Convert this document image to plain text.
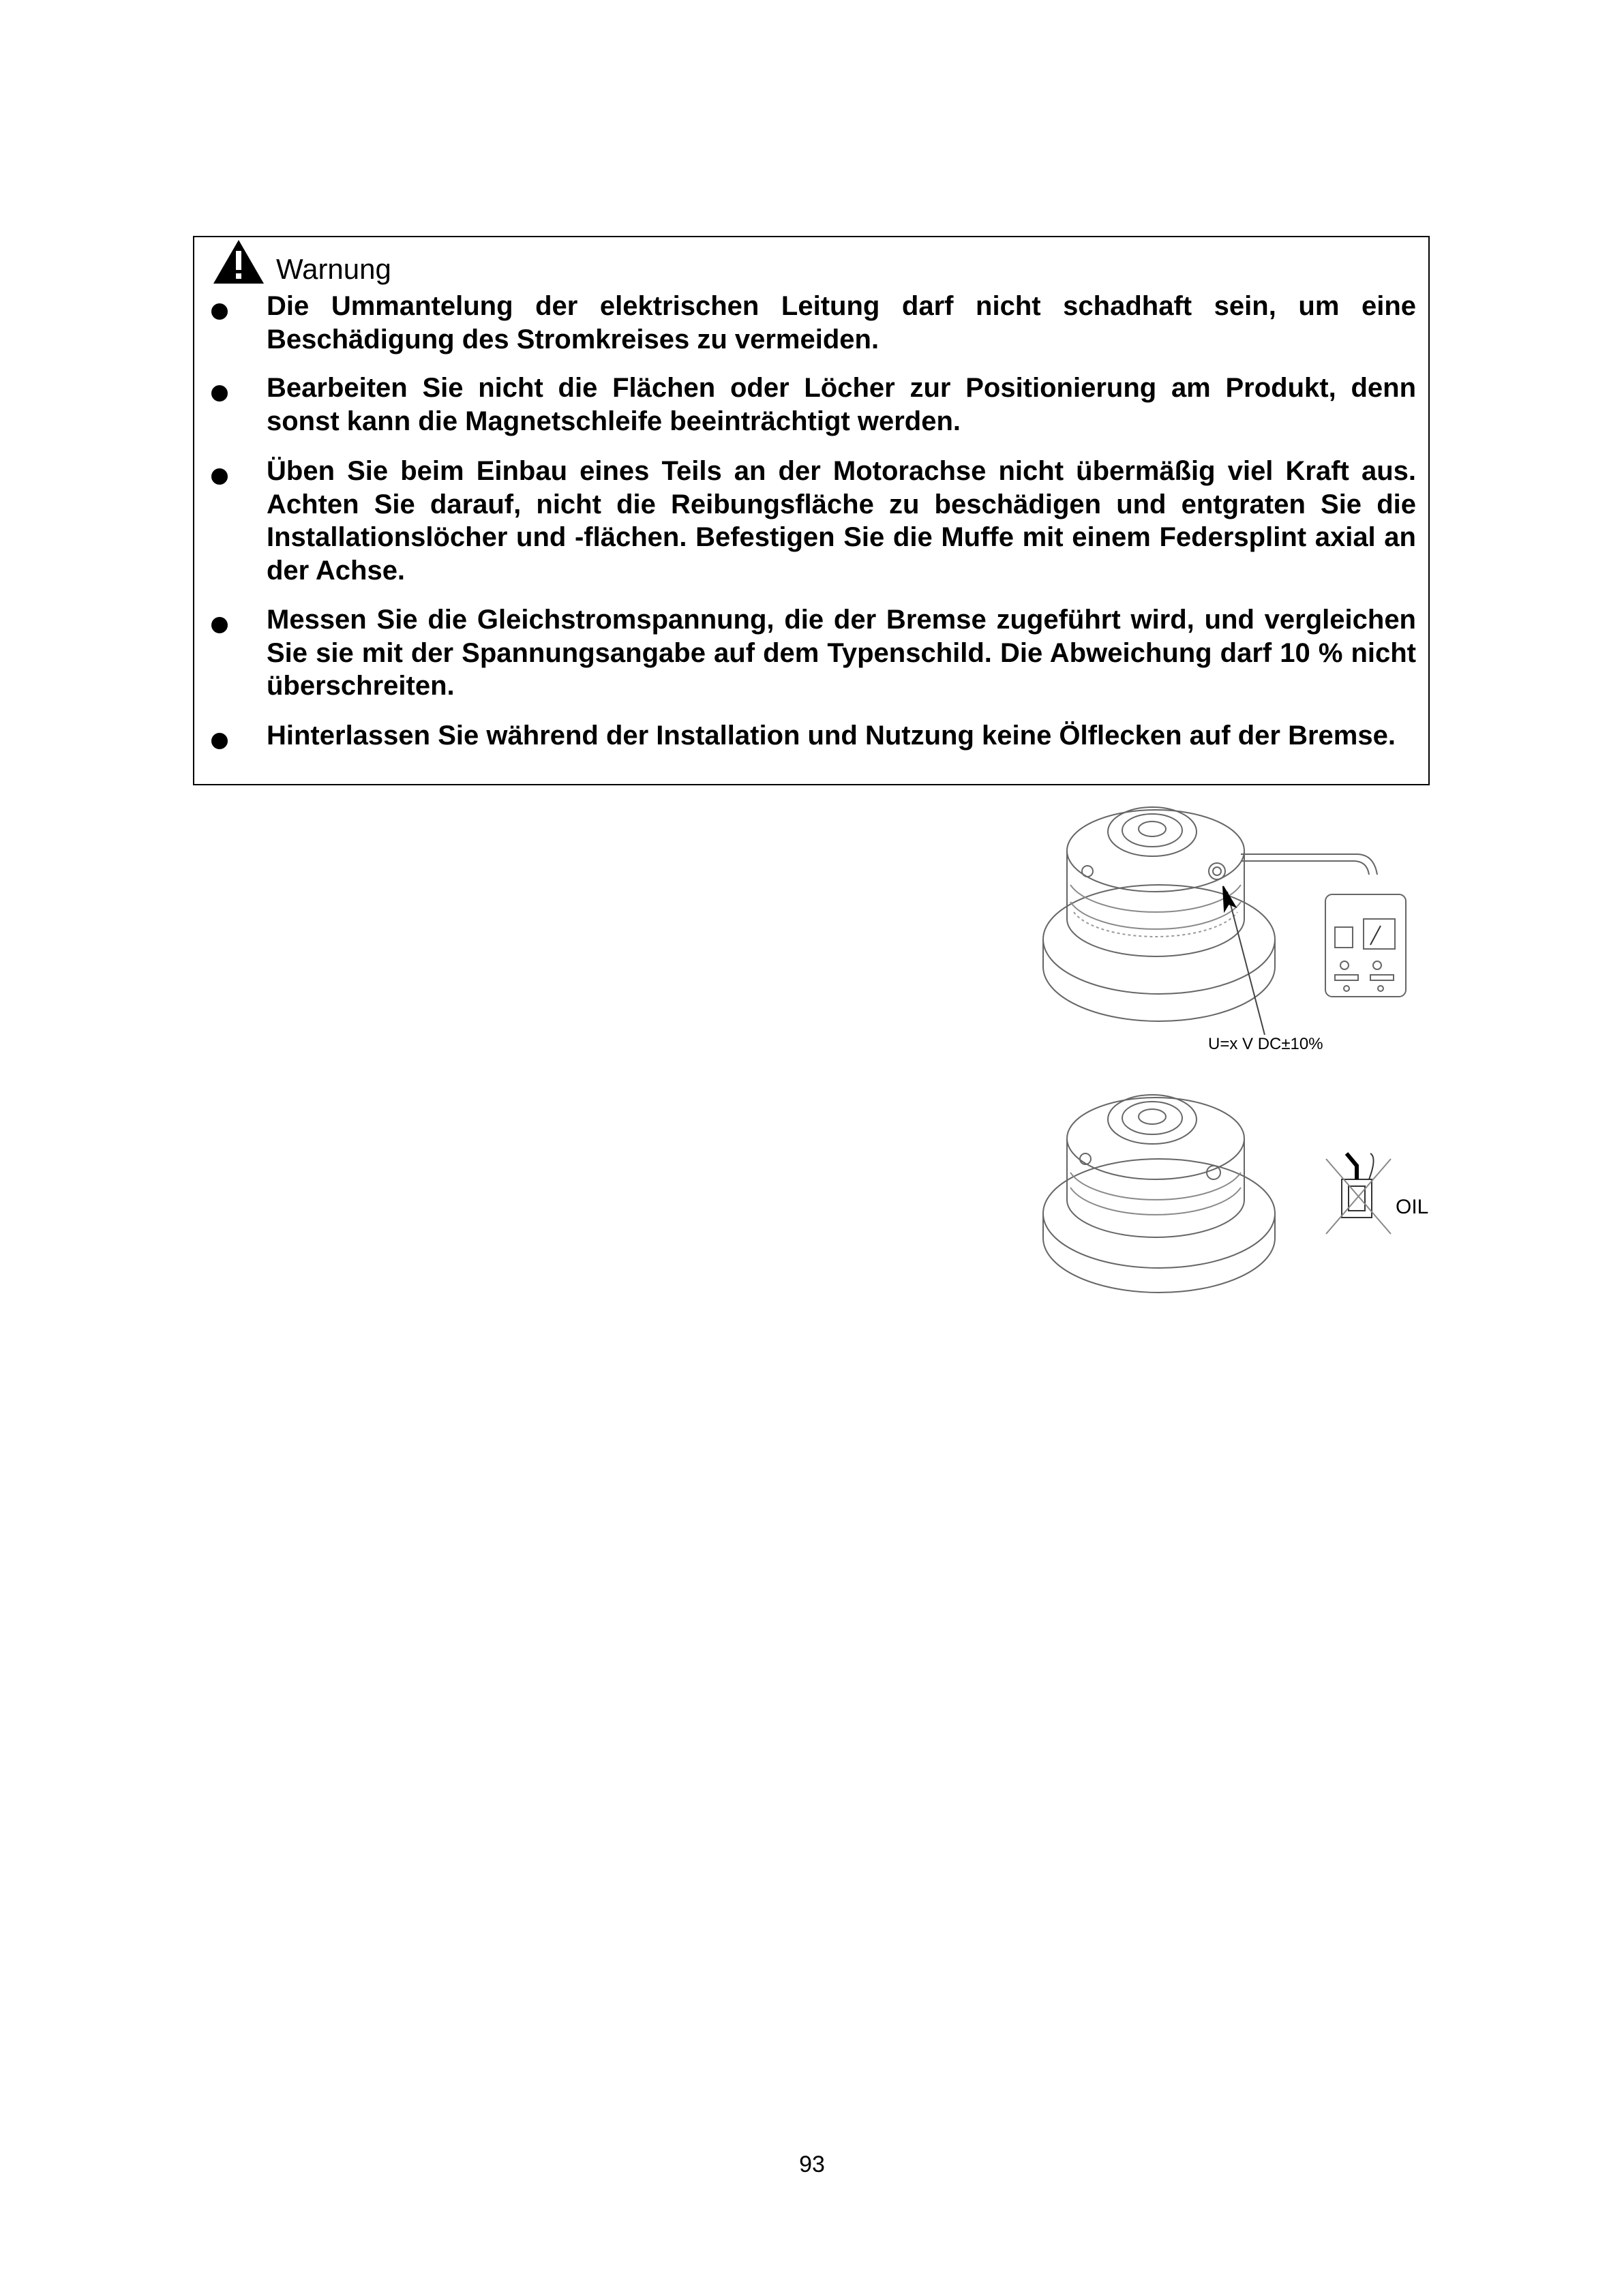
Warnung
Die Ummantelung der elektrischen Leitung darf nicht schadhaft sein, um eine Beschädigung des Stromkreises zu vermeiden.
Bearbeiten Sie nicht die Flächen oder Löcher zur Positionierung am Produkt, denn sonst kann die Magnetschleife beeinträchtigt werden.
Üben Sie beim Einbau eines Teils an der Motorachse nicht übermäßig viel Kraft aus. Achten Sie darauf, nicht die Reibungsfläche zu beschädigen und entgraten Sie die Installationslöcher und -flächen. Befestigen Sie die Muffe mit einem Federsplint axial an der Achse.
Messen Sie die Gleichstromspannung, die der Bremse zugeführt wird, und vergleichen Sie sie mit der Spannungsangabe auf dem Typenschild. Die Abweichung darf 10 % nicht überschreiten.
Hinterlassen Sie während der Installation und Nutzung keine Ölflecken auf der Bremse.
U=x V DC±10%
OIL
93
